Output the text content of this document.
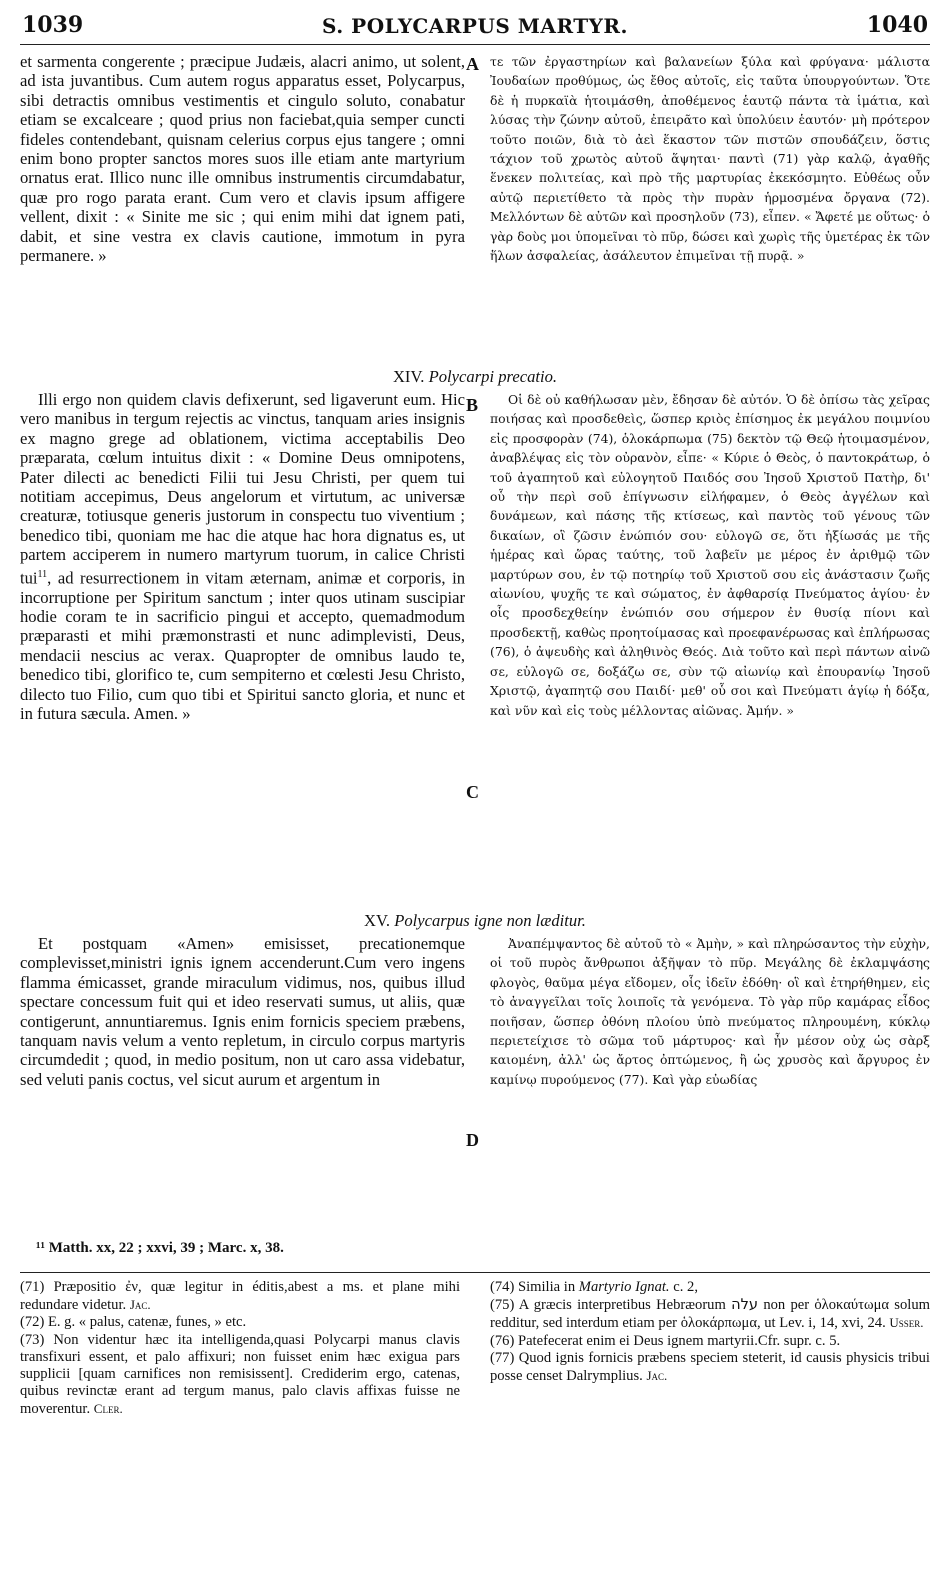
1039	S. POLYCARPUS MARTYR.	1040

et sarmenta congerente ; præcipue Judæis, alacri animo, ut solent, ad ista juvantibus. Cum autem rogus apparatus esset, Polycarpus, sibi detractis omnibus vestimentis et cingulo soluto, conabatur etiam se excalceare ; quod prius non faciebat,quia semper cuncti fideles contendebant, quisnam celerius corpus ejus tangere ; omni enim bono propter sanctos mores suos ille etiam ante martyrium ornatus erat. Illico nunc ille omnibus instrumentis circumdabatur, quæ pro rogo parata erant. Cum vero et clavis ipsum affigere vellent, dixit : « Sinite me sic ; qui enim mihi dat ignem pati, dabit, et sine vestra ex clavis cautione, immotum in pyra permanere. »

τε τῶν ἐργαστηρίων καὶ βαλανείων ξύλα καὶ φρύγανα· μάλιστα Ἰουδαίων προθύμως, ὡς ἔθος αὐτοῖς, εἰς ταῦτα ὑπουργούντων. Ὅτε δὲ ἡ πυρκαϊὰ ἡτοιμάσθη, ἀποθέμενος ἑαυτῷ πάντα τὰ ἱμάτια, καὶ λύσας τὴν ζώνην αὐτοῦ, ἐπειρᾶτο καὶ ὑπολύειν ἑαυτόν· μὴ πρότερον τοῦτο ποιῶν, διὰ τὸ ἀεὶ ἕκαστον τῶν πιστῶν σπουδάζειν, ὅστις τάχιον τοῦ χρωτὸς αὐτοῦ ἅψηται· παντὶ (71) γὰρ καλῷ, ἀγαθῆς ἕνεκεν πολιτείας, καὶ πρὸ τῆς μαρτυρίας ἐκεκόσμητο. Εὐθέως οὖν αὐτῷ περιετίθετο τὰ πρὸς τὴν πυρὰν ἡρμοσμένα ὄργανα (72). Μελλόντων δὲ αὐτῶν καὶ προσηλοῦν (73), εἶπεν. « Ἄφετέ με οὕτως· ὁ γὰρ δοὺς μοι ὑπομεῖναι τὸ πῦρ, δώσει καὶ χωρὶς τῆς ὑμετέρας ἐκ τῶν ἥλων ἀσφαλείας, ἀσάλευτον ἐπιμεῖναι τῇ πυρᾷ. »

A
XIV. Polycarpi precatio.

Illi ergo non quidem clavis defixerunt, sed ligaverunt eum. Hic vero manibus in tergum rejectis ac vinctus, tanquam aries insignis ex magno grege ad oblationem, victima acceptabilis Deo præparata, cœlum intuitus dixit : « Domine Deus omnipotens, Pater dilecti ac benedicti Filii tui Jesu Christi, per quem tui notitiam accepimus, Deus angelorum et virtutum, ac universæ creaturæ, totiusque generis justorum in conspectu tuo viventium ; benedico tibi, quoniam me hac die atque hac hora dignatus es, ut partem acciperem in numero martyrum tuorum, in calice Christi tui$^{11}$, ad resurrectionem in vitam æternam, animæ et corporis, in incorruptione per Spiritum sanctum ; inter quos utinam suscipiar hodie coram te in sacrificio pingui et accepto, quemadmodum præparasti et mihi præmonstrasti et nunc adimplevisti, Deus, mendacii nescius ac verax. Quapropter de omnibus laudo te, benedico tibi, glorifico te, cum sempiterno et cœlesti Jesu Christo, dilecto tuo Filio, cum quo tibi et Spiritui sancto gloria, et nunc et in futura sæcula. Amen. »

Οἱ δὲ οὐ καθήλωσαν μὲν, ἔδησαν δὲ αὐτόν. Ὁ δὲ ὀπίσω τὰς χεῖρας ποιήσας καὶ προσδεθεὶς, ὥσπερ κριὸς ἐπίσημος ἐκ μεγάλου ποιμνίου εἰς προσφορὰν (74), ὁλοκάρπωμα (75) δεκτὸν τῷ Θεῷ ἡτοιμασμένον, ἀναβλέψας εἰς τὸν οὐρανὸν, εἶπε· « Κύριε ὁ Θεὸς, ὁ παντοκράτωρ, ὁ τοῦ ἀγαπητοῦ καὶ εὐλογητοῦ Παιδός σου Ἰησοῦ Χριστοῦ Πατὴρ, δι' οὗ τὴν περὶ σοῦ ἐπίγνωσιν εἰλήφαμεν, ὁ Θεὸς ἀγγέλων καὶ δυνάμεων, καὶ πάσης τῆς κτίσεως, καὶ παντὸς τοῦ γένους τῶν δικαίων, οἳ ζῶσιν ἐνώπιόν σου· εὐλογῶ σε, ὅτι ἠξίωσάς με τῆς ἡμέρας καὶ ὥρας ταύτης, τοῦ λαβεῖν με μέρος ἐν ἀριθμῷ τῶν μαρτύρων σου, ἐν τῷ ποτηρίῳ τοῦ Χριστοῦ σου εἰς ἀνάστασιν ζωῆς αἰωνίου, ψυχῆς τε καὶ σώματος, ἐν ἀφθαρσίᾳ Πνεύματος ἁγίου· ἐν οἷς προσδεχθείην ἐνώπιόν σου σήμερον ἐν θυσίᾳ πίονι καὶ προσδεκτῇ, καθὼς προητοίμασας καὶ προεφανέρωσας καὶ ἐπλήρωσας (76), ὁ ἀψευδὴς καὶ ἀληθινὸς Θεός. Διὰ τοῦτο καὶ περὶ πάντων αἰνῶ σε, εὐλογῶ σε, δοξάζω σε, σὺν τῷ αἰωνίῳ καὶ ἐπουρανίῳ Ἰησοῦ Χριστῷ, ἀγαπητῷ σου Παιδί· μεθ' οὗ σοι καὶ Πνεύματι ἁγίῳ ἡ δόξα, καὶ νῦν καὶ εἰς τοὺς μέλλοντας αἰῶνας. Ἀμήν. »

B
C
XV. Polycarpus igne non læditur.

Et postquam «Amen» emisisset, precationemque complevisset,ministri ignis ignem accenderunt.Cum vero ingens flamma émicasset, grande miraculum vidimus, nos, quibus illud spectare concessum fuit qui et ideo reservati sumus, ut aliis, quæ contigerunt, annuntiaremus. Ignis enim fornicis speciem præbens, tanquam navis velum a vento repletum, in circulo corpus martyris circumdedit ; quod, in medio positum, non ut caro assa videbatur, sed veluti panis coctus, vel sicut aurum et argentum in

Ἀναπέμψαντος δὲ αὐτοῦ τὸ « Ἀμὴν, » καὶ πληρώσαντος τὴν εὐχὴν, οἱ τοῦ πυρὸς ἄνθρωποι ἀξῆψαν τὸ πῦρ. Μεγάλης δὲ ἐκλαμψάσης φλογὸς, θαῦμα μέγα εἴδομεν, οἷς ἰδεῖν ἐδόθη· οἳ καὶ ἐτηρήθημεν, εἰς τὸ ἀναγγεῖλαι τοῖς λοιποῖς τὰ γενόμενα. Τὸ γὰρ πῦρ καμάρας εἶδος ποιῆσαν, ὥσπερ ὀθόνη πλοίου ὑπὸ πνεύματος πληρουμένη, κύκλῳ περιετείχισε τὸ σῶμα τοῦ μάρτυρος· καὶ ἦν μέσον οὐχ ὡς σὰρξ καιομένη, ἀλλ' ὡς ἄρτος ὀπτώμενος, ἢ ὡς χρυσὸς καὶ ἄργυρος ἐν καμίνῳ πυρούμενος (77). Καὶ γὰρ εὐωδίας

D
¹¹ Matth. xx, 22 ; xxvi, 39 ; Marc. x, 38.

(71) Præpositio ἐν, quæ legitur in éditis,abest a ms. et plane mihi redundare videtur. Jac.

(72) E. g. « palus, catenæ, funes, » etc.

(73) Non videntur hæc ita intelligenda,quasi Polycarpi manus clavis transfixuri essent, et palo affixuri; non fuisset enim hæc exigua pars supplicii [quam carnifices non remisissent]. Crediderim ergo, catenas, quibus revinctæ erant ad tergum manus, palo clavis affixas fuisse ne moverentur. Cler.

(74) Similia in Martyrio Ignat. c. 2,

(75) A græcis interpretibus Hebræorum עלה non per ὁλοκαύτωμα solum redditur, sed interdum etiam per ὁλοκάρπωμα, ut Lev. i, 14, xvi, 24. Usser.

(76) Patefecerat enim ei Deus ignem martyrii.Cfr. supr. c. 5.

(77) Quod ignis fornicis præbens speciem steterit, id causis physicis tribui posse censet Dalrymplius. Jac.
